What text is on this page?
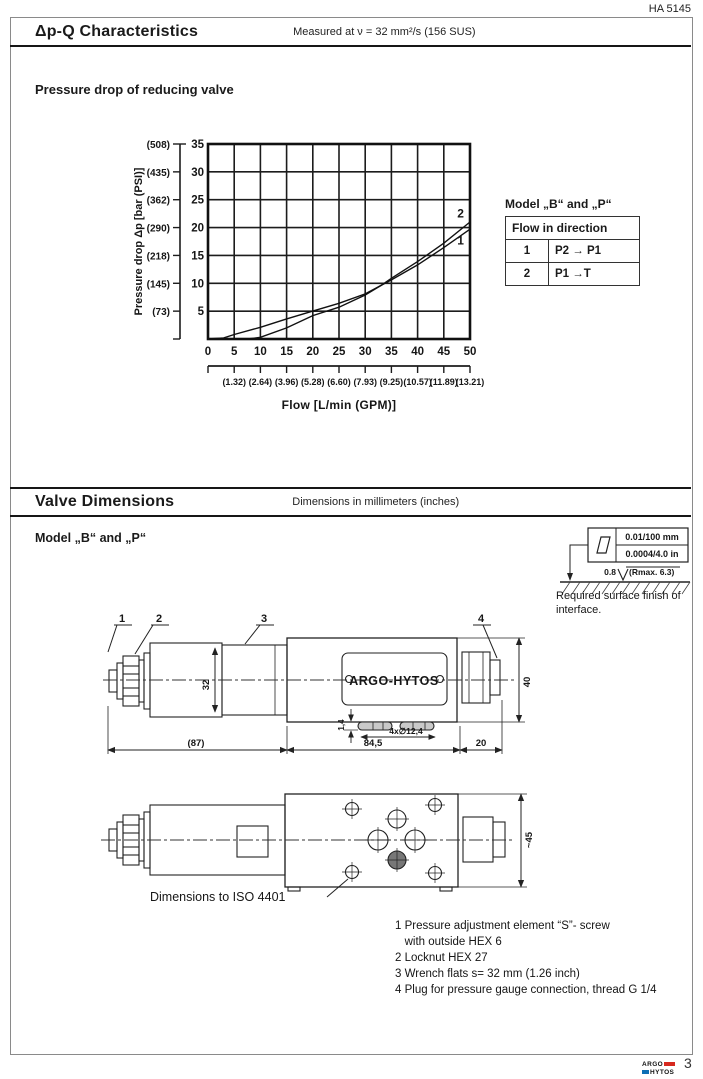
HA 5145
Δp-Q Characteristics	Measured at ν = 32 mm²/s (156 SUS)
Pressure drop of reducing valve
5
(73)
10
(145)
15
(218)
20
(290)
25
(362)
30
(435)
35
(508)
0 5 10 15 20 25 30 35 40 45 50
(1.32) (2.64) (3.96) (5.28) (6.60) (7.93) (9.25) (10.57)
(11.89)
(13.21)
Flow [L/min (GPM)]
Pressure drop Δp [bar (PSI)]	1
2
Model „B“ and „P“
Flow in direction	
1	P2 → P1
2	P1 →T
Valve Dimensions	Dimensions in millimeters (inches)
Model „B“ and „P“	0.01/100 mm
0.0004/4.0 in
0.8 (Rmax. 6.3)
Required surface finish of
interface.
ARGO-HYTOS
1	2	3	4
32	40
1,4
4x∅12,4
(87)	84,5	20
~45
Dimensions to ISO 4401
1 Pressure adjustment element “S”- screw
with outside HEX 6
2 Locknut HEX 27
3 Wrench flats s= 32 mm (1.26 inch)
4 Plug for pressure gauge connection, thread G 1/4
ARGO
HYTOS
3
